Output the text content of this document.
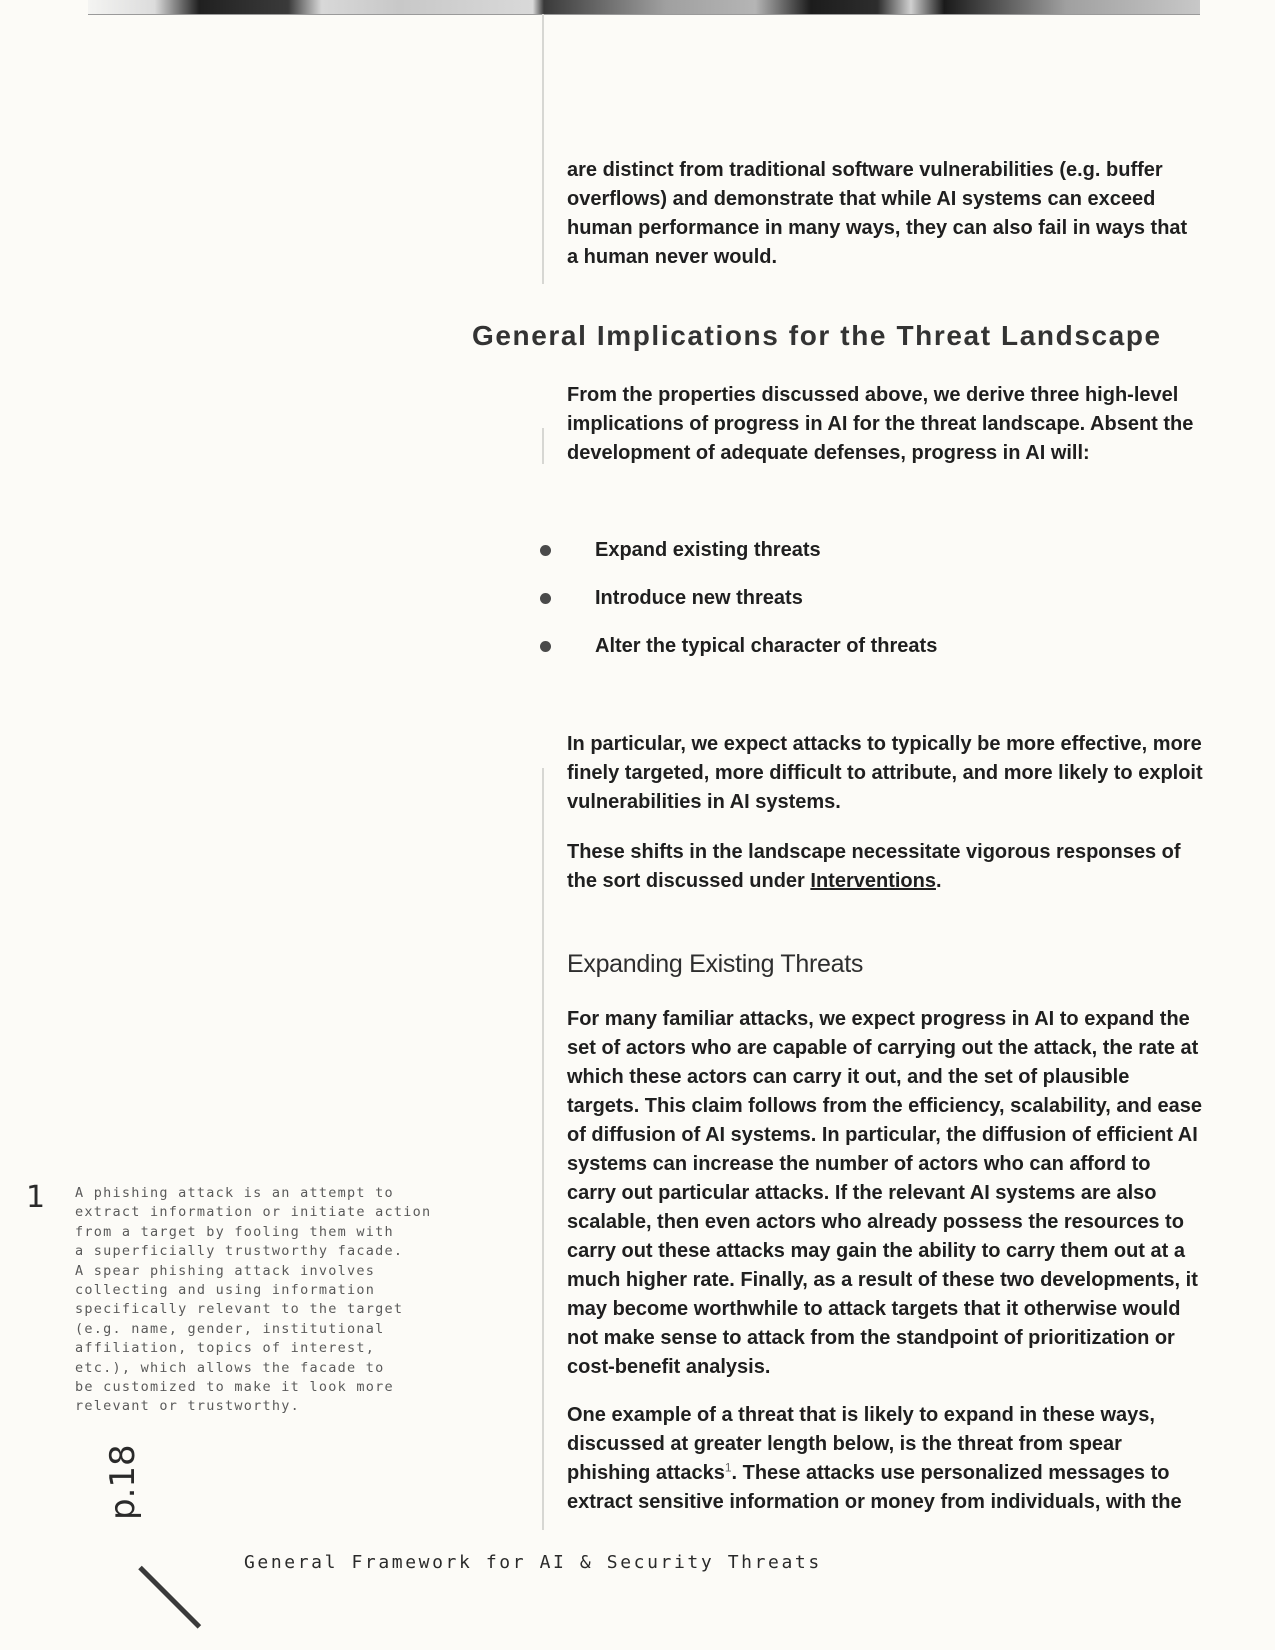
are distinct from traditional software vulnerabilities (e.g. buffer overflows) and demonstrate that while AI systems can exceed human performance in many ways, they can also fail in ways that a human never would.

General Implications for the Threat Landscape

From the properties discussed above, we derive three high-level implications of progress in AI for the threat landscape. Absent the development of adequate defenses, progress in AI will:

Expand existing threats
Introduce new threats
Alter the typical character of threats

In particular, we expect attacks to typically be more effective, more finely targeted, more difficult to attribute, and more likely to exploit vulnerabilities in AI systems.

These shifts in the landscape necessitate vigorous responses of the sort discussed under Interventions.

Expanding Existing Threats

For many familiar attacks, we expect progress in AI to expand the set of actors who are capable of carrying out the attack, the rate at which these actors can carry it out, and the set of plausible targets. This claim follows from the efficiency, scalability, and ease of diffusion of AI systems. In particular, the diffusion of efficient AI systems can increase the number of actors who can afford to carry out particular attacks. If the relevant AI systems are also scalable, then even actors who already possess the resources to carry out these attacks may gain the ability to carry them out at a much higher rate. Finally, as a result of these two developments, it may become worthwhile to attack targets that it otherwise would not make sense to attack from the standpoint of prioritization or cost-benefit analysis.

One example of a threat that is likely to expand in these ways, discussed at greater length below, is the threat from spear phishing attacks$^1$. These attacks use personalized messages to extract sensitive information or money from individuals, with the

1 A phishing attack is an attempt to
extract information or initiate action
from a target by fooling them with
a superficially trustworthy facade.
A spear phishing attack involves
collecting and using information
specifically relevant to the target
(e.g. name, gender, institutional
affiliation, topics of interest,
etc.), which allows the facade to
be customized to make it look more
relevant or trustworthy.

p.18
General Framework for AI & Security Threats
